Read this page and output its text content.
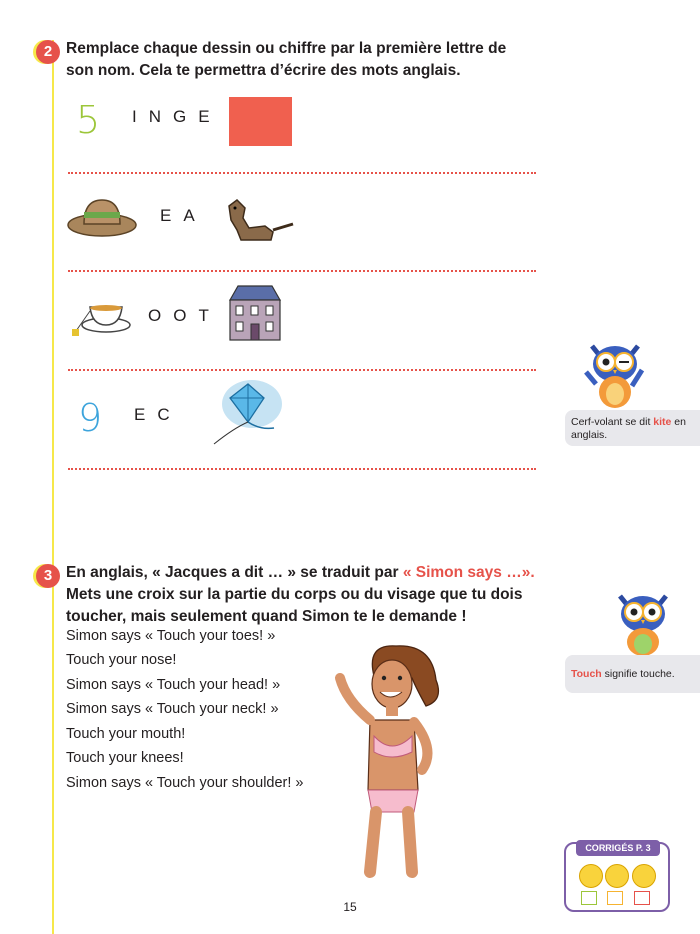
2 Remplace chaque dessin ou chiffre par la première lettre de son nom. Cela te permettra d’écrire des mots anglais.

5 INGE
EA
OOT
9 EC	Cerf-volant se dit kite en anglais.
3 En anglais, « Jacques a dit … » se traduit par « Simon says …». Mets une croix sur la partie du corps ou du visage que tu dois toucher, mais seulement quand Simon te le demande !

Simon says « Touch your toes! »
Touch your nose!
Simon says « Touch your head! »
Simon says « Touch your neck! »
Touch your mouth!
Touch your knees!
Simon says « Touch your shoulder! »
Touch signifie touche.
CORRIGÉS P. 3
15
